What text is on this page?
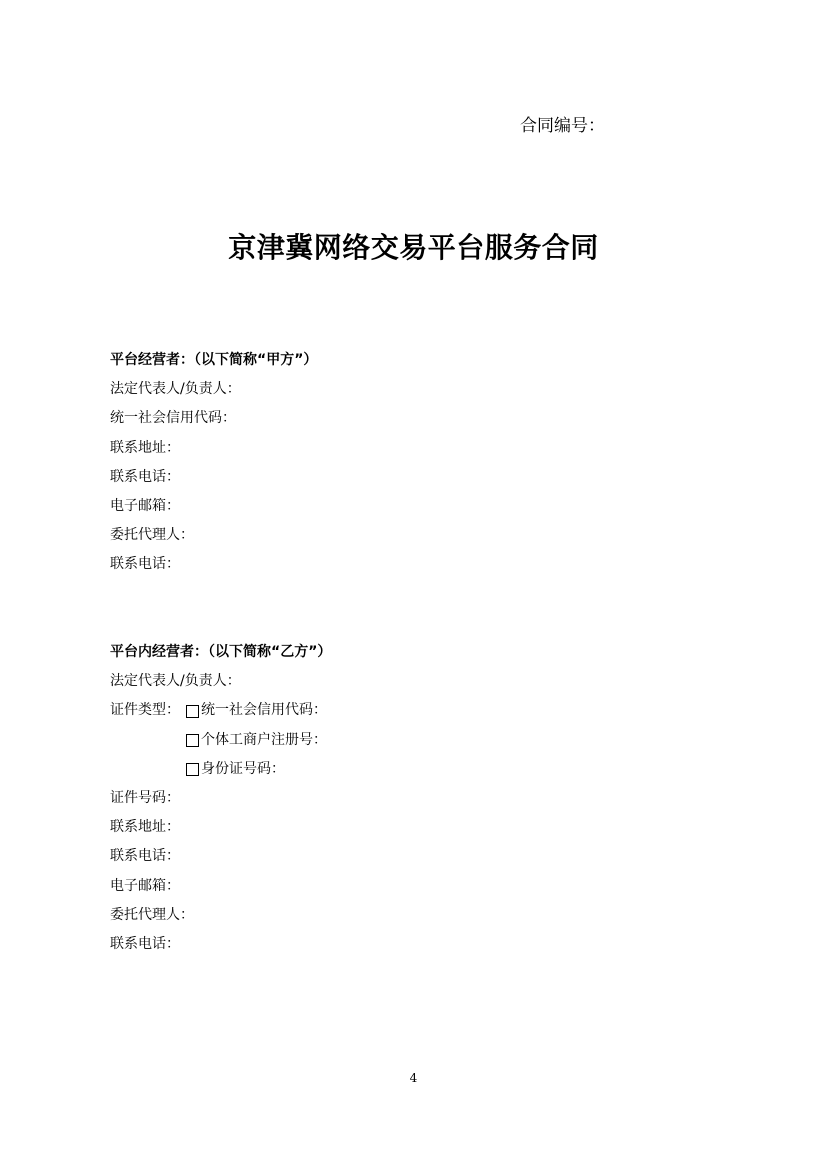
合同编号：
京津冀网络交易平台服务合同
平台经营者：（以下简称“甲方”）
法定代表人/负责人：
统一社会信用代码：
联系地址：
联系电话：
电子邮箱：
委托代理人：
联系电话：
平台内经营者：（以下简称“乙方”）
法定代表人/负责人：
证件类型：	统一社会信用代码：
个体工商户注册号：
身份证号码：
证件号码：
联系地址：
联系电话：
电子邮箱：
委托代理人：
联系电话：
4
